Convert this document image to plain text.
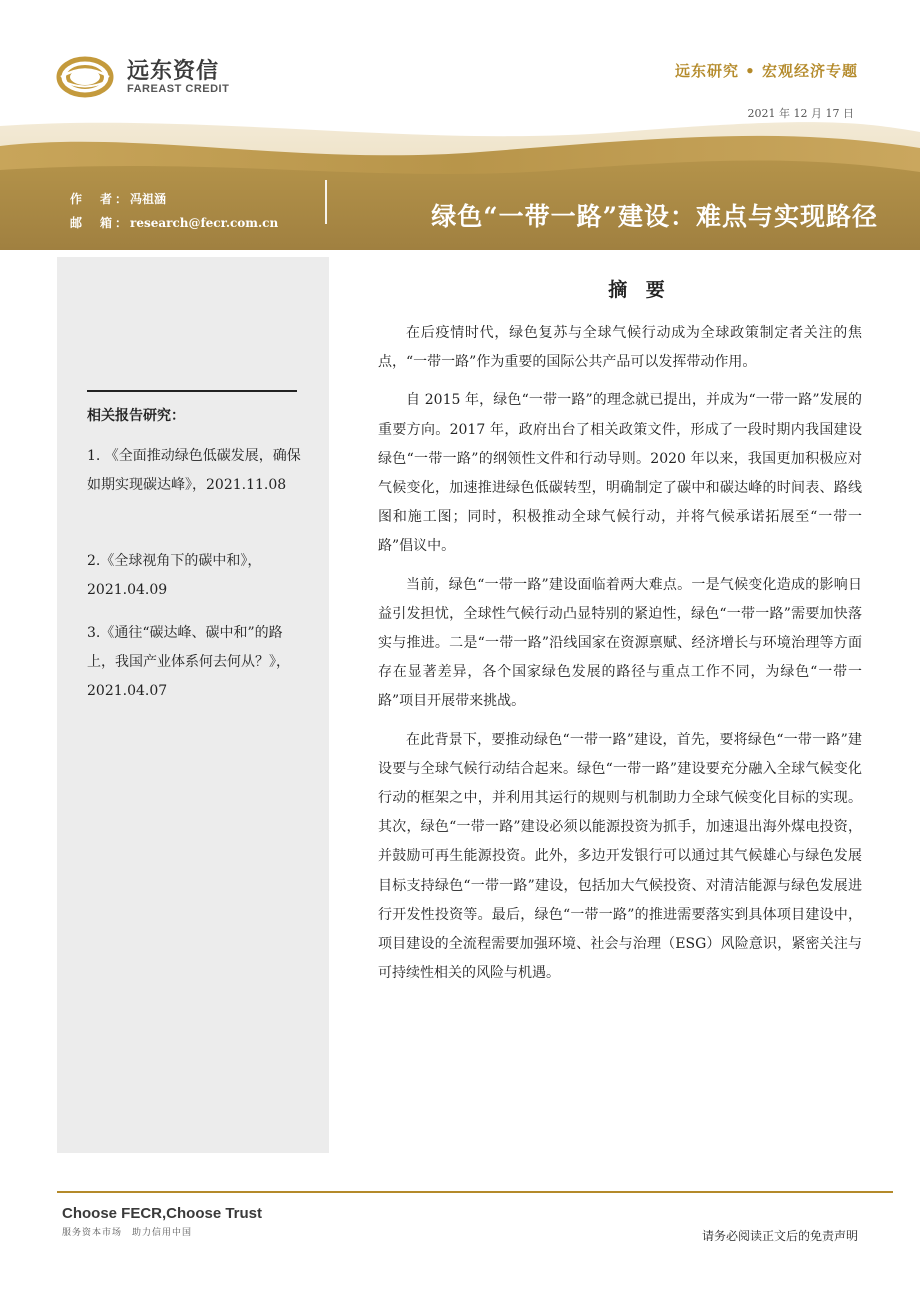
远东资信
FAREAST CREDIT
远东研究 • 宏观经济专题
2021 年 12 月 17 日
作　者：冯祖涵
邮　箱：research@fecr.com.cn	绿色“一带一路”建设：难点与实现路径
相关报告研究：
1. 《全面推动绿色低碳发展，确保如期实现碳达峰》，2021.11.08
2.《全球视角下的碳中和》，2021.04.09
3.《通往“碳达峰、碳中和”的路上，我国产业体系何去何从？》，2021.04.07
摘 要

在后疫情时代，绿色复苏与全球气候行动成为全球政策制定者关注的焦点，“一带一路”作为重要的国际公共产品可以发挥带动作用。

自 2015 年，绿色“一带一路”的理念就已提出，并成为“一带一路”发展的重要方向。2017 年，政府出台了相关政策文件，形成了一段时期内我国建设绿色“一带一路”的纲领性文件和行动导则。2020 年以来，我国更加积极应对气候变化，加速推进绿色低碳转型，明确制定了碳中和碳达峰的时间表、路线图和施工图；同时，积极推动全球气候行动，并将气候承诺拓展至“一带一路”倡议中。

当前，绿色“一带一路”建设面临着两大难点。一是气候变化造成的影响日益引发担忧，全球性气候行动凸显特别的紧迫性，绿色“一带一路”需要加快落实与推进。二是“一带一路”沿线国家在资源禀赋、经济增长与环境治理等方面存在显著差异，各个国家绿色发展的路径与重点工作不同，为绿色“一带一路”项目开展带来挑战。

在此背景下，要推动绿色“一带一路”建设，首先，要将绿色“一带一路”建设要与全球气候行动结合起来。绿色“一带一路”建设要充分融入全球气候变化行动的框架之中，并利用其运行的规则与机制助力全球气候变化目标的实现。其次，绿色“一带一路”建设必须以能源投资为抓手，加速退出海外煤电投资，并鼓励可再生能源投资。此外，多边开发银行可以通过其气候雄心与绿色发展目标支持绿色“一带一路”建设，包括加大气候投资、对清洁能源与绿色发展进行开发性投资等。最后，绿色“一带一路”的推进需要落实到具体项目建设中，项目建设的全流程需要加强环境、社会与治理（ESG）风险意识，紧密关注与可持续性相关的风险与机遇。

Choose FECR,Choose Trust
服务资本市场　助力信用中国	请务必阅读正文后的免责声明
